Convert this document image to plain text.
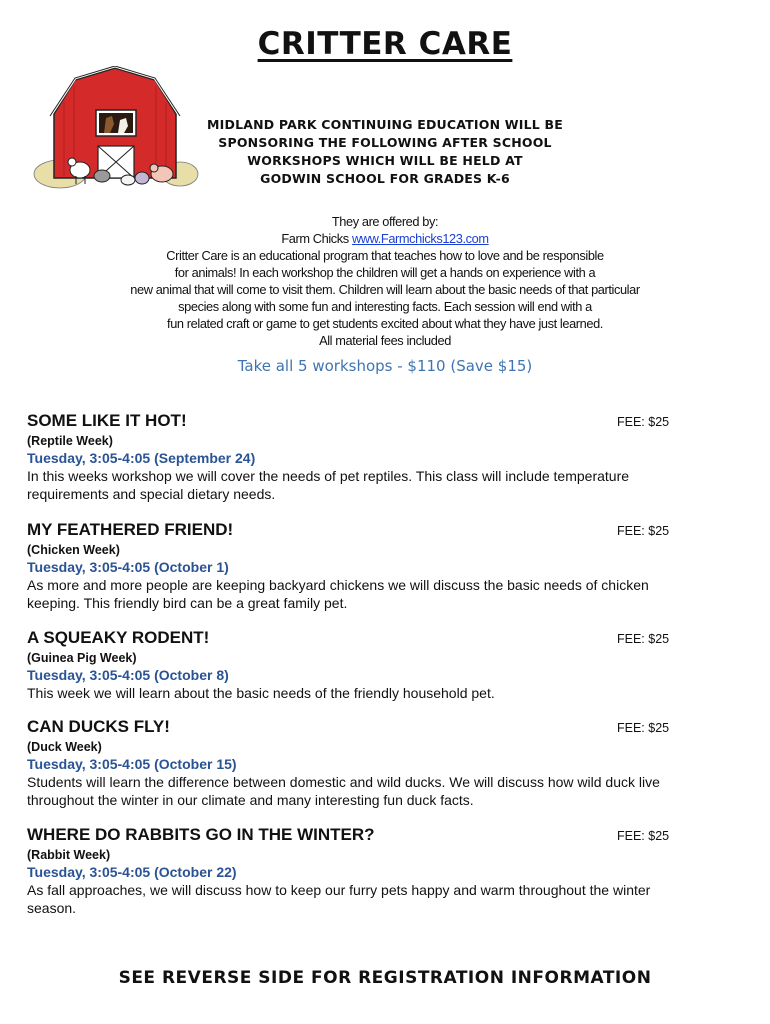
CRITTER CARE
MIDLAND PARK CONTINUING EDUCATION WILL BE
SPONSORING THE FOLLOWING AFTER SCHOOL
WORKSHOPS WHICH WILL BE HELD AT
GODWIN SCHOOL FOR GRADES K-6
They are offered by:
Farm Chicks www.Farmchicks123.com
Critter Care is an educational program that teaches how to love and be responsible
for animals! In each workshop the children will get a hands on experience with a
new animal that will come to visit them. Children will learn about the basic needs of that particular
species along with some fun and interesting facts. Each session will end with a
fun related craft or game to get students excited about what they have just learned.
All material fees included
Take all 5 workshops - $110 (Save $15)
SOME LIKE IT HOT!	FEE: $25
(Reptile Week)
Tuesday, 3:05-4:05 (September 24)
In this weeks workshop we will cover the needs of pet reptiles. This class will include temperature
requirements and special dietary needs.
MY FEATHERED FRIEND!	FEE: $25
(Chicken Week)
Tuesday, 3:05-4:05 (October 1)
As more and more people are keeping backyard chickens we will discuss the basic needs of chicken
keeping. This friendly bird can be a great family pet.
A SQUEAKY RODENT!	FEE: $25
(Guinea Pig Week)
Tuesday, 3:05-4:05 (October 8)
This week we will learn about the basic needs of the friendly household pet.
CAN DUCKS FLY!	FEE: $25
(Duck Week)
Tuesday, 3:05-4:05 (October 15)
Students will learn the difference between domestic and wild ducks. We will discuss how wild duck live
throughout the winter in our climate and many interesting fun duck facts.
WHERE DO RABBITS GO IN THE WINTER?	FEE: $25
(Rabbit Week)
Tuesday, 3:05-4:05 (October 22)
As fall approaches, we will discuss how to keep our furry pets happy and warm throughout the winter
season.
SEE REVERSE SIDE FOR REGISTRATION INFORMATION
